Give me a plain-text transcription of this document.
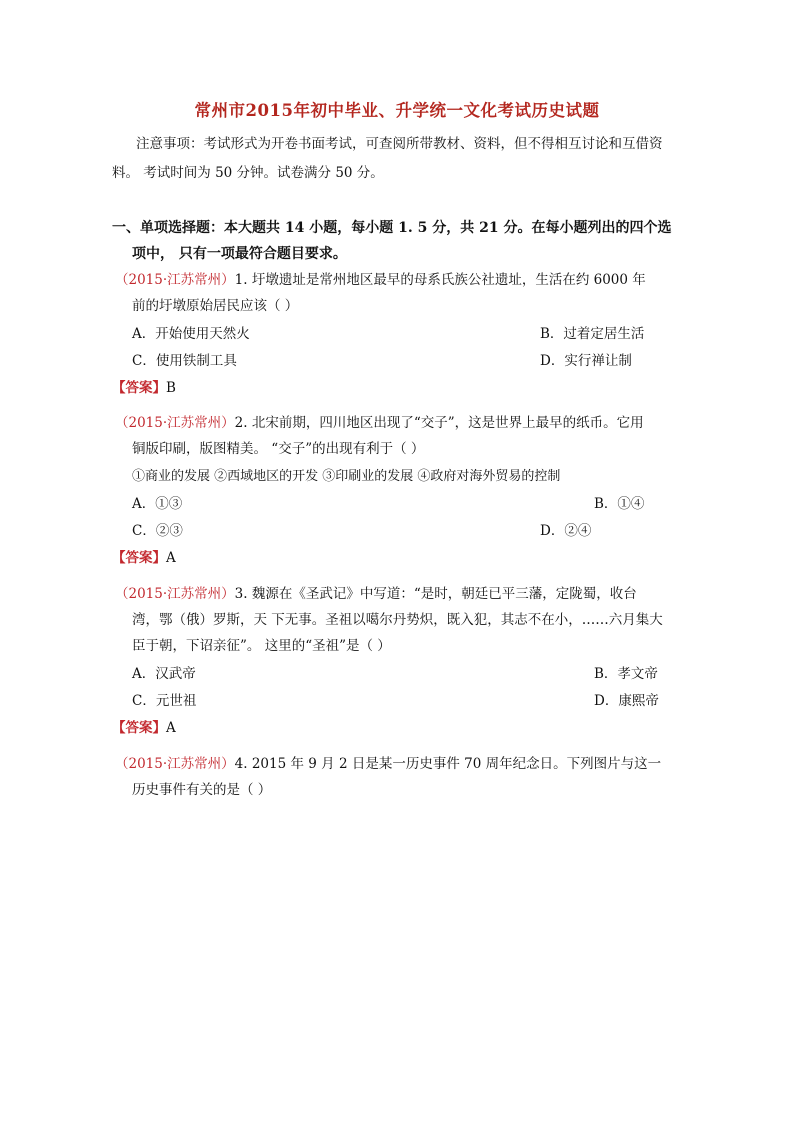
常州市2015年初中毕业、升学统一文化考试历史试题
注意事项：考试形式为开卷书面考试，可查阅所带教材、资料，但不得相互讨论和互借资
料。 考试时间为 50 分钟。试卷满分 50 分。
一、单项选择题：本大题共 14 小题，每小题 1. 5 分，共 21 分。在每小题列出的四个选
项中， 只有一项最符合题目要求。
（2015·江苏常州）1. 圩墩遗址是常州地区最早的母系氏族公社遗址，生活在约 6000 年
前的圩墩原始居民应该（ ）
A．开始使用天然火	B．过着定居生活
C．使用铁制工具	D．实行禅让制
【答案】B
（2015·江苏常州）2. 北宋前期，四川地区出现了“交子”，这是世界上最早的纸币。它用
铜版印刷，版图精美。 “交子”的出现有利于（ ）
①商业的发展 ②西域地区的开发 ③印刷业的发展 ④政府对海外贸易的控制
A．①③	B．①④
C．②③	D．②④
【答案】A
（2015·江苏常州）3. 魏源在《圣武记》中写道：“是时，朝廷已平三藩，定陇蜀，收台
湾，鄂（俄）罗斯，天 下无事。圣祖以噶尔丹势炽，既入犯，其志不在小，……六月集大
臣于朝，下诏亲征”。 这里的“圣祖”是（ ）
A．汉武帝	B．孝文帝
C．元世祖	D．康熙帝
【答案】A
（2015·江苏常州）4. 2015 年 9 月 2 日是某一历史事件 70 周年纪念日。下列图片与这一
历史事件有关的是（ ）
